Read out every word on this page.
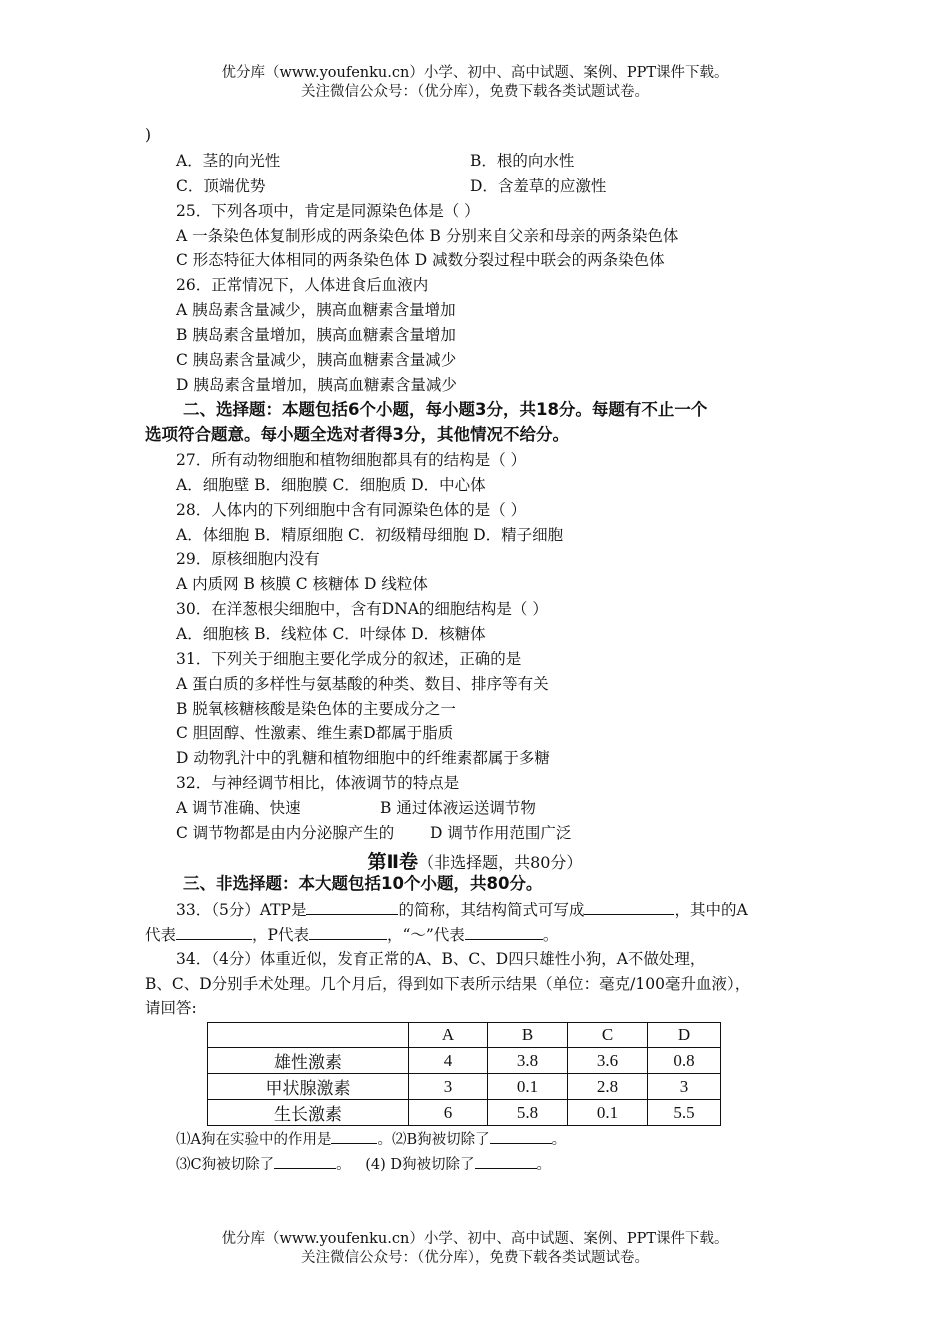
优分库（www.youfenku.cn）小学、初中、高中试题、案例、PPT课件下载。
关注微信公众号：（优分库），免费下载各类试题试卷。
)
A．茎的向光性	B．根的向水性
C．顶端优势	D．含羞草的应激性
25．下列各项中，肯定是同源染色体是（ ）
A 一条染色体复制形成的两条染色体 B 分别来自父亲和母亲的两条染色体
C 形态特征大体相同的两条染色体 D 减数分裂过程中联会的两条染色体
26．正常情况下，人体进食后血液内
A 胰岛素含量减少，胰高血糖素含量增加
B 胰岛素含量增加，胰高血糖素含量增加
C 胰岛素含量减少，胰高血糖素含量减少
D 胰岛素含量增加，胰高血糖素含量减少
二、选择题：本题包括6个小题，每小题3分，共18分。每题有不止一个
选项符合题意。每小题全选对者得3分，其他情况不给分。
27．所有动物细胞和植物细胞都具有的结构是（ ）
A．细胞壁 B．细胞膜 C．细胞质 D．中心体
28．人体内的下列细胞中含有同源染色体的是（ ）
A．体细胞 B．精原细胞 C．初级精母细胞 D．精子细胞
29．原核细胞内没有
A 内质网 B 核膜 C 核糖体 D 线粒体
30．在洋葱根尖细胞中，含有DNA的细胞结构是（ ）
A．细胞核 B．线粒体 C．叶绿体 D．核糖体
31．下列关于细胞主要化学成分的叙述，正确的是
A 蛋白质的多样性与氨基酸的种类、数目、排序等有关
B 脱氧核糖核酸是染色体的主要成分之一
C 胆固醇、性激素、维生素D都属于脂质
D 动物乳汁中的乳糖和植物细胞中的纤维素都属于多糖
32．与神经调节相比，体液调节的特点是
A 调节准确、快速	B 通过体液运送调节物
C 调节物都是由内分泌腺产生的 D 调节作用范围广泛
第Ⅱ卷（非选择题，共80分）
三、非选择题：本大题包括10个小题，共80分。
33．（5分）ATP是	的简称，其结构简式可写成	，其中的A
代表	，P代表	，“～”代表	。
34．（4分）体重近似，发育正常的A、B、C、D四只雄性小狗，A不做处理，
B、C、D分别手术处理。几个月后，得到如下表所示结果（单位：毫克/100毫升血液），
请回答:
	A	B	C	D
雄性激素	4	3.8	3.6	0.8
甲状腺激素	3	0.1	2.8	3
生长激素	6	5.8	0.1	5.5
⑴A狗在实验中的作用是	。⑵B狗被切除了	。
⑶C狗被切除了	。 (4) D狗被切除了	。
优分库（www.youfenku.cn）小学、初中、高中试题、案例、PPT课件下载。
关注微信公众号：（优分库），免费下载各类试题试卷。
